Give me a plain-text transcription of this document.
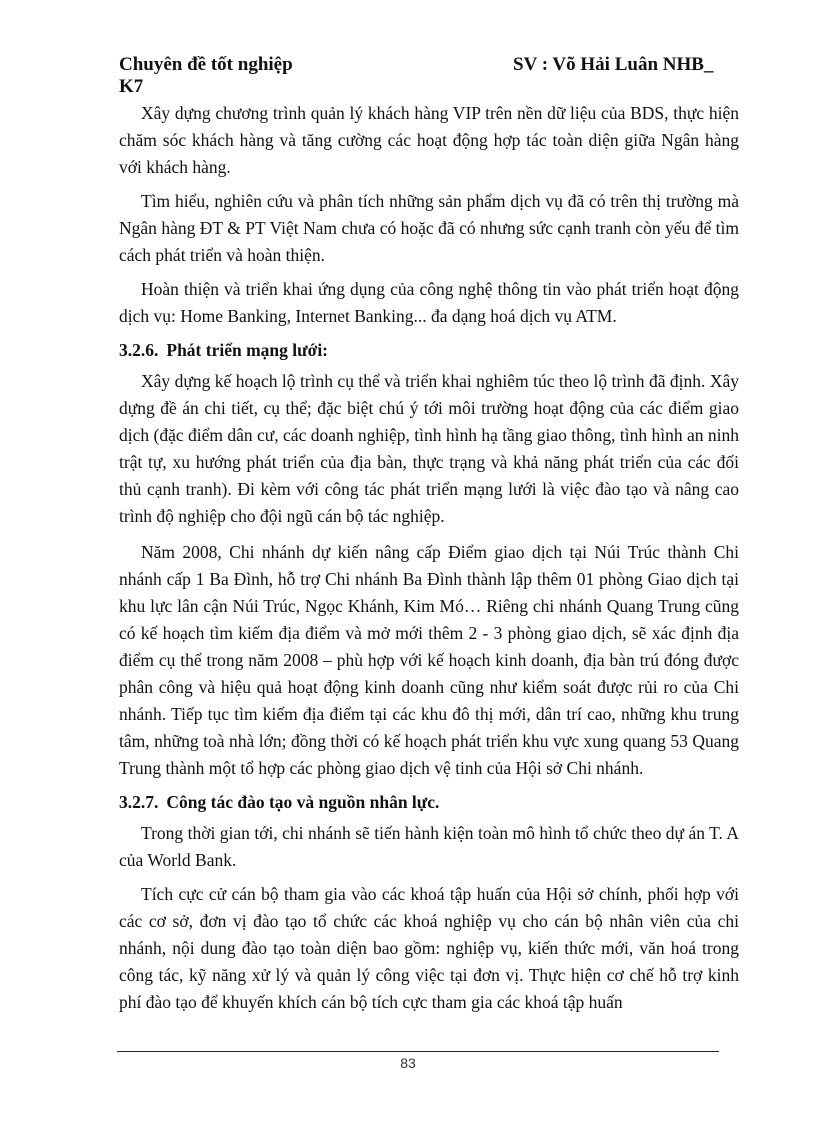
Chuyên đề tốt nghiệp	SV : Võ Hải Luân NHB_
K7

Xây dựng chương trình quản lý khách hàng VIP trên nền dữ liệu của BDS, thực hiện chăm sóc khách hàng và tăng cường các hoạt động hợp tác toàn diện giữa Ngân hàng với khách hàng.

Tìm hiểu, nghiên cứu và phân tích những sản phẩm dịch vụ đã có trên thị trường mà Ngân hàng ĐT & PT Việt Nam chưa có hoặc đã có nhưng sức cạnh tranh còn yếu để tìm cách phát triển và hoàn thiện.

Hoàn thiện và triển khai ứng dụng của công nghệ thông tin vào phát triển hoạt động dịch vụ: Home Banking, Internet Banking... đa dạng hoá dịch vụ ATM.

3.2.6. Phát triển mạng lưới:

Xây dựng kế hoạch lộ trình cụ thể và triển khai nghiêm túc theo lộ trình đã định. Xây dựng đề án chi tiết, cụ thể; đặc biệt chú ý tới môi trường hoạt động của các điểm giao dịch (đặc điểm dân cư, các doanh nghiệp, tình hình hạ tầng giao thông, tình hình an ninh trật tự, xu hướng phát triển của địa bàn, thực trạng và khả năng phát triển của các đối thủ cạnh tranh). Đi kèm với công tác phát triển mạng lưới là việc đào tạo và nâng cao trình độ nghiệp cho đội ngũ cán bộ tác nghiệp.

Năm 2008, Chi nhánh dự kiến nâng cấp Điểm giao dịch tại Núi Trúc thành Chi nhánh cấp 1 Ba Đình, hỗ trợ Chi nhánh Ba Đình thành lập thêm 01 phòng Giao dịch tại khu lực lân cận Núi Trúc, Ngọc Khánh, Kim Mó… Riêng chi nhánh Quang Trung cũng có kế hoạch tìm kiếm địa điểm và mở mới thêm 2 - 3 phòng giao dịch, sẽ xác định địa điểm cụ thể trong năm 2008 – phù hợp với kế hoạch kinh doanh, địa bàn trú đóng được phân công và hiệu quả hoạt động kinh doanh cũng như kiểm soát được rủi ro của Chi nhánh. Tiếp tục tìm kiếm địa điểm tại các khu đô thị mới, dân trí cao, những khu trung tâm, những toà nhà lớn; đồng thời có kế hoạch phát triển khu vực xung quang 53 Quang Trung thành một tổ hợp các phòng giao dịch vệ tinh của Hội sở Chi nhánh.

3.2.7. Công tác đào tạo và nguồn nhân lực.

Trong thời gian tới, chi nhánh sẽ tiến hành kiện toàn mô hình tổ chức theo dự án T. A của World Bank.

Tích cực cử cán bộ tham gia vào các khoá tập huấn của Hội sở chính, phối hợp với các cơ sở, đơn vị đào tạo tổ chức các khoá nghiệp vụ cho cán bộ nhân viên của chi nhánh, nội dung đào tạo toàn diện bao gồm: nghiệp vụ, kiến thức mới, văn hoá trong công tác, kỹ năng xử lý và quản lý công việc tại đơn vị. Thực hiện cơ chế hỗ trợ kinh phí đào tạo để khuyến khích cán bộ tích cực tham gia các khoá tập huấn

83
